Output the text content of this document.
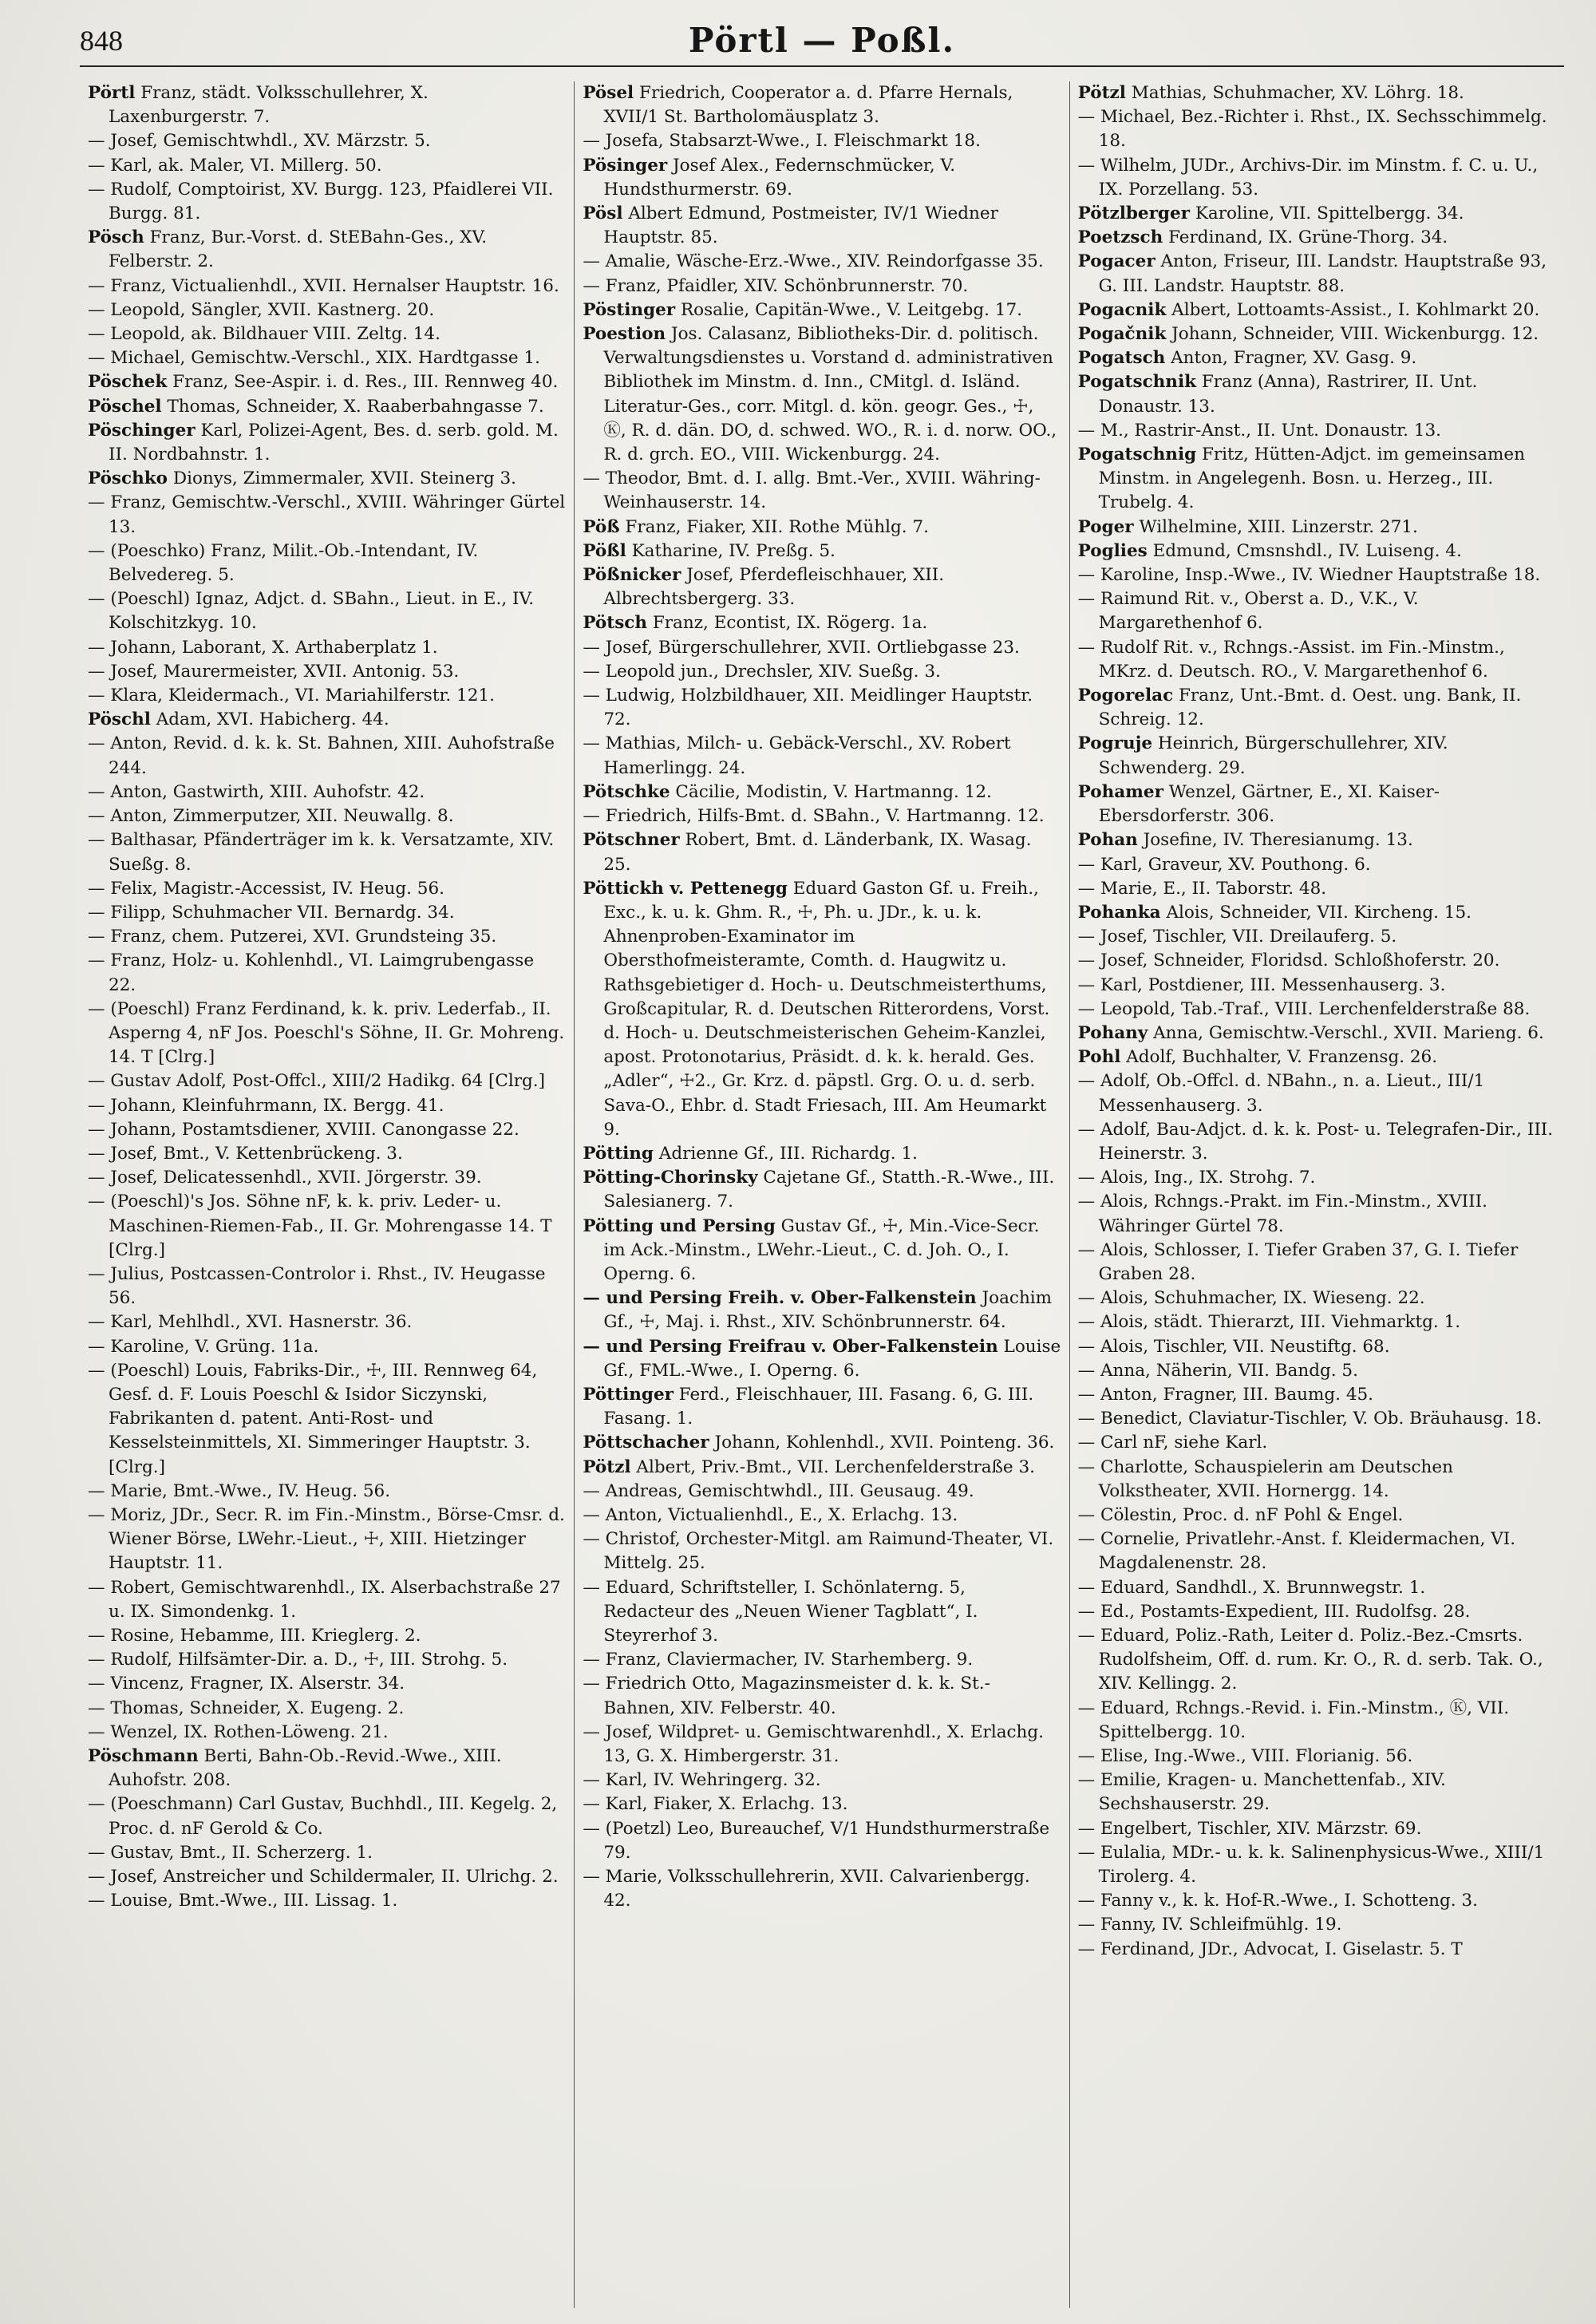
848	Pörtl — Poßl.
Pörtl Franz, städt. Volksschullehrer, X. Laxenburgerstr. 7.
— Josef, Gemischtwhdl., XV. Märzstr. 5.
— Karl, ak. Maler, VI. Millerg. 50.
— Rudolf, Comptoirist, XV. Burgg. 123, Pfaidlerei VII. Burgg. 81.
Pösch Franz, Bur.-Vorst. d. StEBahn-Ges., XV. Felberstr. 2.
— Franz, Victualienhdl., XVII. Hernalser Hauptstr. 16.
— Leopold, Sängler, XVII. Kastnerg. 20.
— Leopold, ak. Bildhauer VIII. Zeltg. 14.
— Michael, Gemischtw.-Verschl., XIX. Hardtgasse 1.
Pöschek Franz, See-Aspir. i. d. Res., III. Rennweg 40.
Pöschel Thomas, Schneider, X. Raaberbahngasse 7.
Pöschinger Karl, Polizei-Agent, Bes. d. serb. gold. M. II. Nordbahnstr. 1.
Pöschko Dionys, Zimmermaler, XVII. Steinerg 3.
— Franz, Gemischtw.-Verschl., XVIII. Währinger Gürtel 13.
— (Poeschko) Franz, Milit.-Ob.-Intendant, IV. Belvedereg. 5.
— (Poeschl) Ignaz, Adjct. d. SBahn., Lieut. in E., IV. Kolschitzkyg. 10.
— Johann, Laborant, X. Arthaberplatz 1.
— Josef, Maurermeister, XVII. Antonig. 53.
— Klara, Kleidermach., VI. Mariahilferstr. 121.
Pöschl Adam, XVI. Habicherg. 44.
— Anton, Revid. d. k. k. St. Bahnen, XIII. Auhofstraße 244.
— Anton, Gastwirth, XIII. Auhofstr. 42.
— Anton, Zimmerputzer, XII. Neuwallg. 8.
— Balthasar, Pfänderträger im k. k. Versatzamte, XIV. Sueßg. 8.
— Felix, Magistr.-Accessist, IV. Heug. 56.
— Filipp, Schuhmacher VII. Bernardg. 34.
— Franz, chem. Putzerei, XVI. Grundsteing 35.
— Franz, Holz- u. Kohlenhdl., VI. Laimgrubengasse 22.
— (Poeschl) Franz Ferdinand, k. k. priv. Lederfab., II. Asperng 4, nF Jos. Poeschl's Söhne, II. Gr. Mohreng. 14. T [Clrg.]
— Gustav Adolf, Post-Offcl., XIII/2 Hadikg. 64 [Clrg.]
— Johann, Kleinfuhrmann, IX. Bergg. 41.
— Johann, Postamtsdiener, XVIII. Canongasse 22.
— Josef, Bmt., V. Kettenbrückeng. 3.
— Josef, Delicatessenhdl., XVII. Jörgerstr. 39.
— (Poeschl)'s Jos. Söhne nF, k. k. priv. Leder- u. Maschinen-Riemen-Fab., II. Gr. Mohrengasse 14. T [Clrg.]
— Julius, Postcassen-Controlor i. Rhst., IV. Heugasse 56.
— Karl, Mehlhdl., XVI. Hasnerstr. 36.
— Karoline, V. Grüng. 11a.
— (Poeschl) Louis, Fabriks-Dir., ☩, III. Rennweg 64, Gesf. d. F. Louis Poeschl & Isidor Siczynski, Fabrikanten d. patent. Anti-Rost- und Kesselsteinmittels, XI. Simmeringer Hauptstr. 3. [Clrg.]
— Marie, Bmt.-Wwe., IV. Heug. 56.
— Moriz, JDr., Secr. R. im Fin.-Minstm., Börse-Cmsr. d. Wiener Börse, LWehr.-Lieut., ☩, XIII. Hietzinger Hauptstr. 11.
— Robert, Gemischtwarenhdl., IX. Alserbachstraße 27 u. IX. Simondenkg. 1.
— Rosine, Hebamme, III. Krieglerg. 2.
— Rudolf, Hilfsämter-Dir. a. D., ☩, III. Strohg. 5.
— Vincenz, Fragner, IX. Alserstr. 34.
— Thomas, Schneider, X. Eugeng. 2.
— Wenzel, IX. Rothen-Löweng. 21.
Pöschmann Berti, Bahn-Ob.-Revid.-Wwe., XIII. Auhofstr. 208.
— (Poeschmann) Carl Gustav, Buchhdl., III. Kegelg. 2, Proc. d. nF Gerold & Co.
— Gustav, Bmt., II. Scherzerg. 1.
— Josef, Anstreicher und Schildermaler, II. Ulrichg. 2.
— Louise, Bmt.-Wwe., III. Lissag. 1.
Pösel Friedrich, Cooperator a. d. Pfarre Hernals, XVII/1 St. Bartholomäusplatz 3.
— Josefa, Stabsarzt-Wwe., I. Fleischmarkt 18.
Pösinger Josef Alex., Federnschmücker, V. Hundsthurmerstr. 69.
Pösl Albert Edmund, Postmeister, IV/1 Wiedner Hauptstr. 85.
— Amalie, Wäsche-Erz.-Wwe., XIV. Reindorfgasse 35.
— Franz, Pfaidler, XIV. Schönbrunnerstr. 70.
Pöstinger Rosalie, Capitän-Wwe., V. Leitgebg. 17.
Poestion Jos. Calasanz, Bibliotheks-Dir. d. politisch. Verwaltungsdienstes u. Vorstand d. administrativen Bibliothek im Minstm. d. Inn., CMitgl. d. Isländ. Literatur-Ges., corr. Mitgl. d. kön. geogr. Ges., ☩, Ⓚ, R. d. dän. DO, d. schwed. WO., R. i. d. norw. OO., R. d. grch. EO., VIII. Wickenburgg. 24.
— Theodor, Bmt. d. I. allg. Bmt.-Ver., XVIII. Währing-Weinhauserstr. 14.
Pöß Franz, Fiaker, XII. Rothe Mühlg. 7.
Pößl Katharine, IV. Preßg. 5.
Pößnicker Josef, Pferdefleischhauer, XII. Albrechtsbergerg. 33.
Pötsch Franz, Econtist, IX. Rögerg. 1a.
— Josef, Bürgerschullehrer, XVII. Ortliebgasse 23.
— Leopold jun., Drechsler, XIV. Sueßg. 3.
— Ludwig, Holzbildhauer, XII. Meidlinger Hauptstr. 72.
— Mathias, Milch- u. Gebäck-Verschl., XV. Robert Hamerlingg. 24.
Pötschke Cäcilie, Modistin, V. Hartmanng. 12.
— Friedrich, Hilfs-Bmt. d. SBahn., V. Hartmanng. 12.
Pötschner Robert, Bmt. d. Länderbank, IX. Wasag. 25.
Pöttickh v. Pettenegg Eduard Gaston Gf. u. Freih., Exc., k. u. k. Ghm. R., ☩, Ph. u. JDr., k. u. k. Ahnenproben-Examinator im Obersthofmeisteramte, Comth. d. Haugwitz u. Rathsgebietiger d. Hoch- u. Deutschmeisterthums, Großcapitular, R. d. Deutschen Ritterordens, Vorst. d. Hoch- u. Deutschmeisterischen Geheim-Kanzlei, apost. Protonotarius, Präsidt. d. k. k. herald. Ges. „Adler“, ☩2., Gr. Krz. d. päpstl. Grg. O. u. d. serb. Sava-O., Ehbr. d. Stadt Friesach, III. Am Heumarkt 9.
Pötting Adrienne Gf., III. Richardg. 1.
Pötting-Chorinsky Cajetane Gf., Statth.-R.-Wwe., III. Salesianerg. 7.
Pötting und Persing Gustav Gf., ☩, Min.-Vice-Secr. im Ack.-Minstm., LWehr.-Lieut., C. d. Joh. O., I. Operng. 6.
— und Persing Freih. v. Ober-Falkenstein Joachim Gf., ☩, Maj. i. Rhst., XIV. Schönbrunnerstr. 64.
— und Persing Freifrau v. Ober-Falkenstein Louise Gf., FML.-Wwe., I. Operng. 6.
Pöttinger Ferd., Fleischhauer, III. Fasang. 6, G. III. Fasang. 1.
Pöttschacher Johann, Kohlenhdl., XVII. Pointeng. 36.
Pötzl Albert, Priv.-Bmt., VII. Lerchenfelderstraße 3.
— Andreas, Gemischtwhdl., III. Geusaug. 49.
— Anton, Victualienhdl., E., X. Erlachg. 13.
— Christof, Orchester-Mitgl. am Raimund-Theater, VI. Mittelg. 25.
— Eduard, Schriftsteller, I. Schönlaterng. 5, Redacteur des „Neuen Wiener Tagblatt“, I. Steyrerhof 3.
— Franz, Claviermacher, IV. Starhemberg. 9.
— Friedrich Otto, Magazinsmeister d. k. k. St.-Bahnen, XIV. Felberstr. 40.
— Josef, Wildpret- u. Gemischtwarenhdl., X. Erlachg. 13, G. X. Himbergerstr. 31.
— Karl, IV. Wehringerg. 32.
— Karl, Fiaker, X. Erlachg. 13.
— (Poetzl) Leo, Bureauchef, V/1 Hundsthurmerstraße 79.
— Marie, Volksschullehrerin, XVII. Calvarienbergg. 42.
Pötzl Mathias, Schuhmacher, XV. Löhrg. 18.
— Michael, Bez.-Richter i. Rhst., IX. Sechsschimmelg. 18.
— Wilhelm, JUDr., Archivs-Dir. im Minstm. f. C. u. U., IX. Porzellang. 53.
Pötzlberger Karoline, VII. Spittelbergg. 34.
Poetzsch Ferdinand, IX. Grüne-Thorg. 34.
Pogacer Anton, Friseur, III. Landstr. Hauptstraße 93, G. III. Landstr. Hauptstr. 88.
Pogacnik Albert, Lottoamts-Assist., I. Kohlmarkt 20.
Pogačnik Johann, Schneider, VIII. Wickenburgg. 12.
Pogatsch Anton, Fragner, XV. Gasg. 9.
Pogatschnik Franz (Anna), Rastrirer, II. Unt. Donaustr. 13.
— M., Rastrir-Anst., II. Unt. Donaustr. 13.
Pogatschnig Fritz, Hütten-Adjct. im gemeinsamen Minstm. in Angelegenh. Bosn. u. Herzeg., III. Trubelg. 4.
Poger Wilhelmine, XIII. Linzerstr. 271.
Poglies Edmund, Cmsnshdl., IV. Luiseng. 4.
— Karoline, Insp.-Wwe., IV. Wiedner Hauptstraße 18.
— Raimund Rit. v., Oberst a. D., V.K., V. Margarethenhof 6.
— Rudolf Rit. v., Rchngs.-Assist. im Fin.-Minstm., MKrz. d. Deutsch. RO., V. Margarethenhof 6.
Pogorelac Franz, Unt.-Bmt. d. Oest. ung. Bank, II. Schreig. 12.
Pogruje Heinrich, Bürgerschullehrer, XIV. Schwenderg. 29.
Pohamer Wenzel, Gärtner, E., XI. Kaiser-Ebersdorferstr. 306.
Pohan Josefine, IV. Theresianumg. 13.
— Karl, Graveur, XV. Pouthong. 6.
— Marie, E., II. Taborstr. 48.
Pohanka Alois, Schneider, VII. Kircheng. 15.
— Josef, Tischler, VII. Dreilauferg. 5.
— Josef, Schneider, Floridsd. Schloßhoferstr. 20.
— Karl, Postdiener, III. Messenhauserg. 3.
— Leopold, Tab.-Traf., VIII. Lerchenfelderstraße 88.
Pohany Anna, Gemischtw.-Verschl., XVII. Marieng. 6.
Pohl Adolf, Buchhalter, V. Franzensg. 26.
— Adolf, Ob.-Offcl. d. NBahn., n. a. Lieut., III/1 Messenhauserg. 3.
— Adolf, Bau-Adjct. d. k. k. Post- u. Telegrafen-Dir., III. Heinerstr. 3.
— Alois, Ing., IX. Strohg. 7.
— Alois, Rchngs.-Prakt. im Fin.-Minstm., XVIII. Währinger Gürtel 78.
— Alois, Schlosser, I. Tiefer Graben 37, G. I. Tiefer Graben 28.
— Alois, Schuhmacher, IX. Wieseng. 22.
— Alois, städt. Thierarzt, III. Viehmarktg. 1.
— Alois, Tischler, VII. Neustiftg. 68.
— Anna, Näherin, VII. Bandg. 5.
— Anton, Fragner, III. Baumg. 45.
— Benedict, Claviatur-Tischler, V. Ob. Bräuhausg. 18.
— Carl nF, siehe Karl.
— Charlotte, Schauspielerin am Deutschen Volkstheater, XVII. Hornergg. 14.
— Cölestin, Proc. d. nF Pohl & Engel.
— Cornelie, Privatlehr.-Anst. f. Kleidermachen, VI. Magdalenenstr. 28.
— Eduard, Sandhdl., X. Brunnwegstr. 1.
— Ed., Postamts-Expedient, III. Rudolfsg. 28.
— Eduard, Poliz.-Rath, Leiter d. Poliz.-Bez.-Cmsrts. Rudolfsheim, Off. d. rum. Kr. O., R. d. serb. Tak. O., XIV. Kellingg. 2.
— Eduard, Rchngs.-Revid. i. Fin.-Minstm., Ⓚ, VII. Spittelbergg. 10.
— Elise, Ing.-Wwe., VIII. Florianig. 56.
— Emilie, Kragen- u. Manchettenfab., XIV. Sechshauserstr. 29.
— Engelbert, Tischler, XIV. Märzstr. 69.
— Eulalia, MDr.- u. k. k. Salinenphysicus-Wwe., XIII/1 Tirolerg. 4.
— Fanny v., k. k. Hof-R.-Wwe., I. Schotteng. 3.
— Fanny, IV. Schleifmühlg. 19.
— Ferdinand, JDr., Advocat, I. Giselastr. 5. T
